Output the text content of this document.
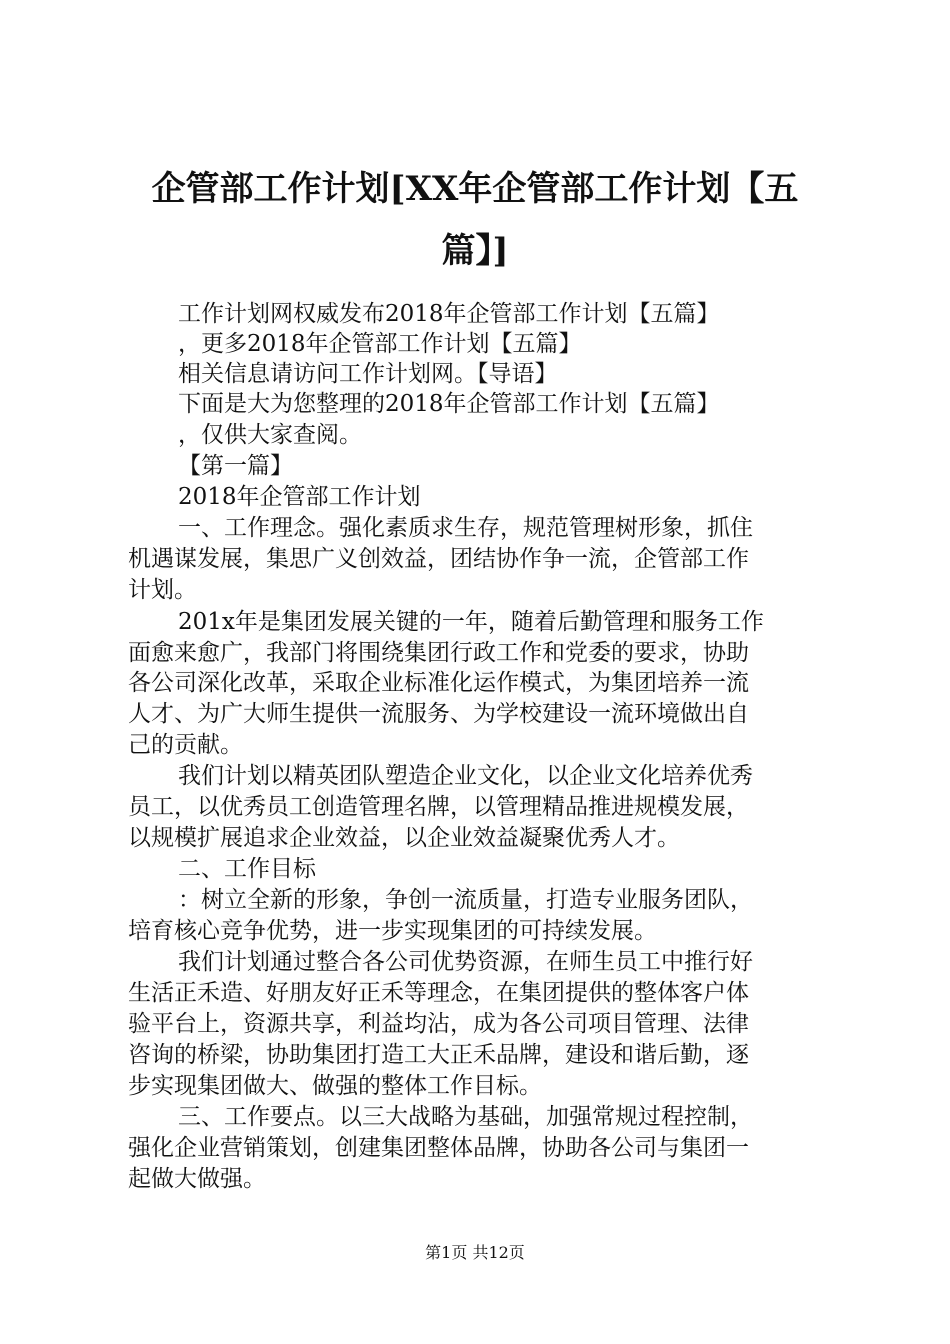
企管部工作计划[XX年企管部工作计划【五篇】]
工作计划网权威发布2018年企管部工作计划【五篇】
，更多2018年企管部工作计划【五篇】
相关信息请访问工作计划网。【导语】
下面是大为您整理的2018年企管部工作计划【五篇】
，仅供大家查阅。
【第一篇】
2018年企管部工作计划
一、工作理念。强化素质求生存，规范管理树形象，抓住
机遇谋发展，集思广义创效益，团结协作争一流，企管部工作
计划。
201x年是集团发展关键的一年，随着后勤管理和服务工作
面愈来愈广，我部门将围绕集团行政工作和党委的要求，协助
各公司深化改革，采取企业标准化运作模式，为集团培养一流
人才、为广大师生提供一流服务、为学校建设一流环境做出自
己的贡献。
我们计划以精英团队塑造企业文化，以企业文化培养优秀
员工，以优秀员工创造管理名牌，以管理精品推进规模发展，
以规模扩展追求企业效益，以企业效益凝聚优秀人才。
二、工作目标
：树立全新的形象，争创一流质量，打造专业服务团队，
培育核心竞争优势，进一步实现集团的可持续发展。
我们计划通过整合各公司优势资源，在师生员工中推行好
生活正禾造、好朋友好正禾等理念，在集团提供的整体客户体
验平台上，资源共享，利益均沾，成为各公司项目管理、法律
咨询的桥梁，协助集团打造工大正禾品牌，建设和谐后勤，逐
步实现集团做大、做强的整体工作目标。
三、工作要点。以三大战略为基础，加强常规过程控制，
强化企业营销策划，创建集团整体品牌，协助各公司与集团一
起做大做强。
第1页 共12页
